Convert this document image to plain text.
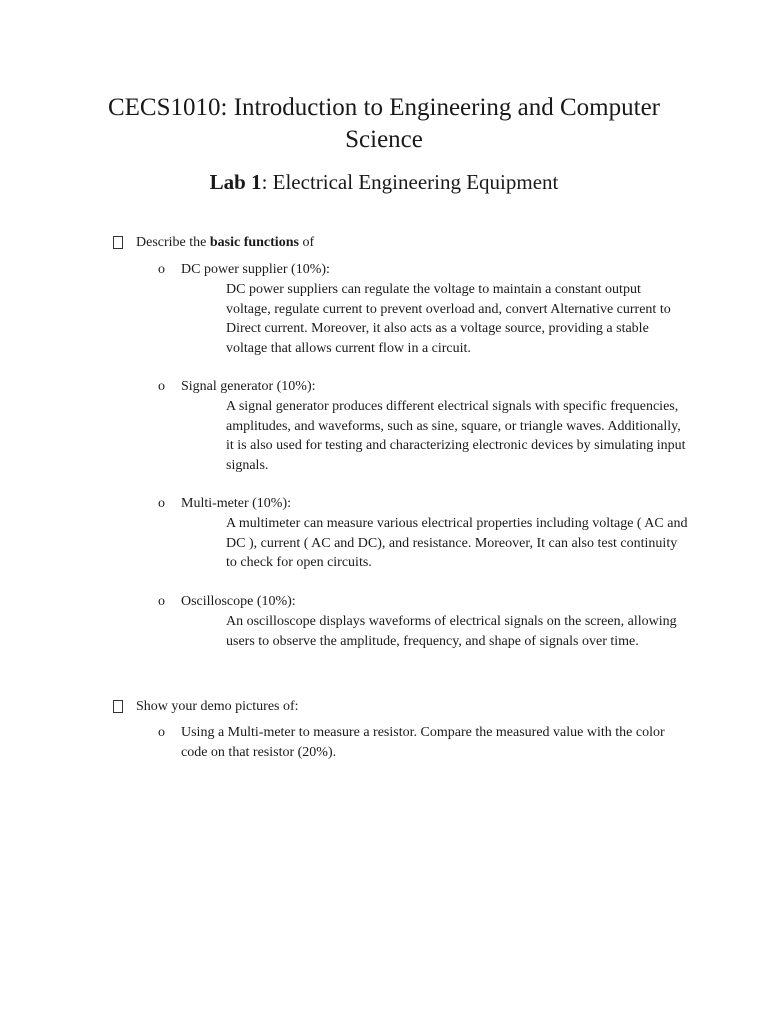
CECS1010: Introduction to Engineering and Computer Science
Lab 1: Electrical Engineering Equipment
Describe the basic functions of
o DC power supplier (10%):
DC power suppliers can regulate the voltage to maintain a constant output voltage, regulate current to prevent overload and, convert Alternative current to Direct current. Moreover, it also acts as a voltage source, providing a stable voltage that allows current flow in a circuit.
o Signal generator (10%):
A signal generator produces different electrical signals with specific frequencies, amplitudes, and waveforms, such as sine, square, or triangle waves. Additionally, it is also used for testing and characterizing electronic devices by simulating input signals.
o Multi-meter (10%):
A multimeter can measure various electrical properties including voltage ( AC and DC ), current ( AC and DC), and resistance. Moreover, It can also test continuity to check for open circuits.
o Oscilloscope (10%):
An oscilloscope displays waveforms of electrical signals on the screen, allowing users to observe the amplitude, frequency, and shape of signals over time.
Show your demo pictures of:
o Using a Multi-meter to measure a resistor. Compare the measured value with the color code on that resistor (20%).
